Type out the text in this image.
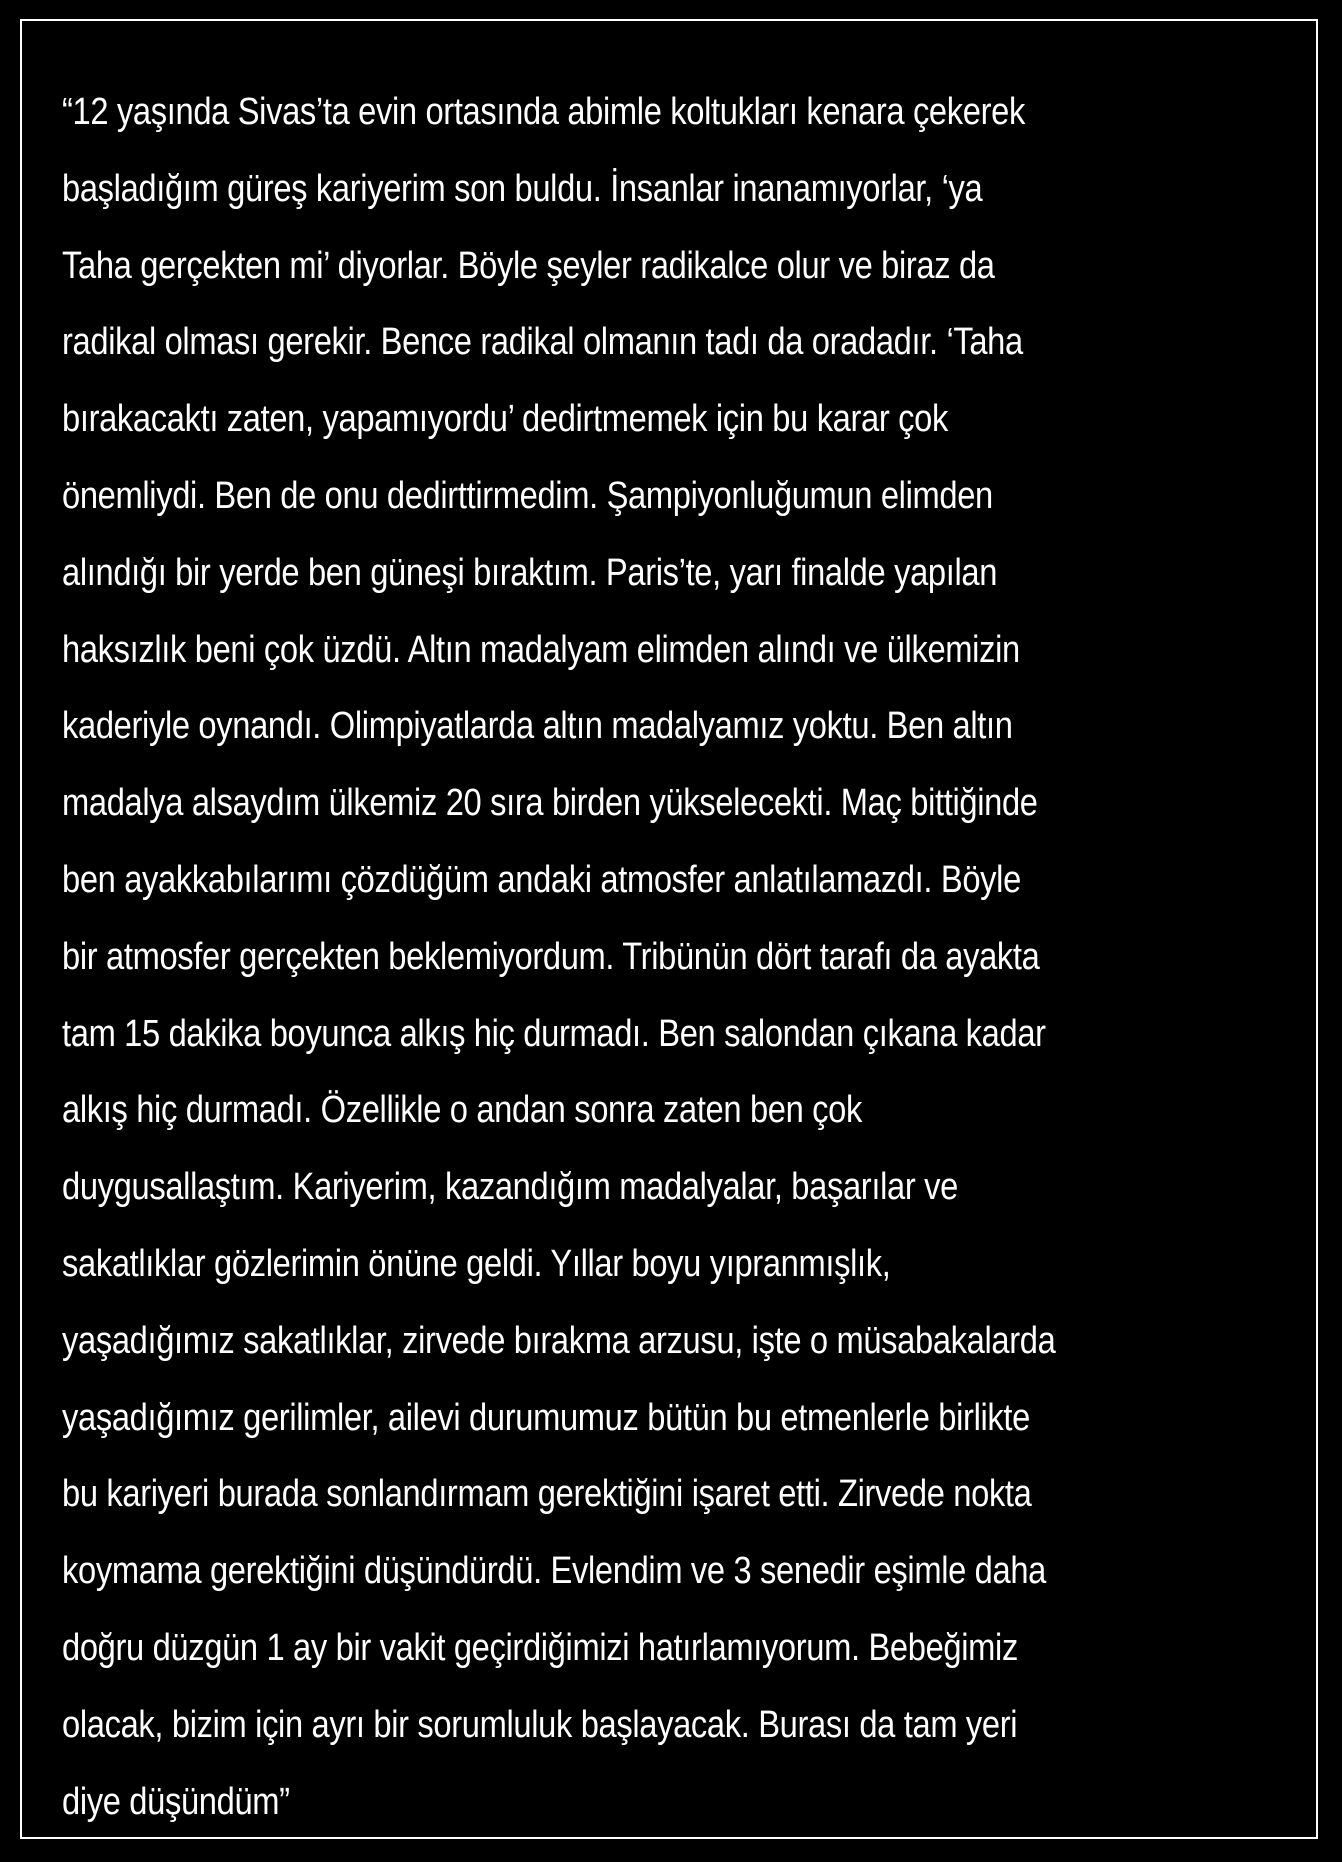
“12 yaşında Sivas’ta evin ortasında abimle koltukları kenara çekerek
başladığım güreş kariyerim son buldu. İnsanlar inanamıyorlar, ‘ya
Taha gerçekten mi’ diyorlar. Böyle şeyler radikalce olur ve biraz da
radikal olması gerekir. Bence radikal olmanın tadı da oradadır. ‘Taha
bırakacaktı zaten, yapamıyordu’ dedirtmemek için bu karar çok
önemliydi. Ben de onu dedirttirmedim. Şampiyonluğumun elimden
alındığı bir yerde ben güneşi bıraktım. Paris’te, yarı finalde yapılan
haksızlık beni çok üzdü. Altın madalyam elimden alındı ve ülkemizin
kaderiyle oynandı. Olimpiyatlarda altın madalyamız yoktu. Ben altın
madalya alsaydım ülkemiz 20 sıra birden yükselecekti. Maç bittiğinde
ben ayakkabılarımı çözdüğüm andaki atmosfer anlatılamazdı. Böyle
bir atmosfer gerçekten beklemiyordum. Tribünün dört tarafı da ayakta
tam 15 dakika boyunca alkış hiç durmadı. Ben salondan çıkana kadar
alkış hiç durmadı. Özellikle o andan sonra zaten ben çok
duygusallaştım. Kariyerim, kazandığım madalyalar, başarılar ve
sakatlıklar gözlerimin önüne geldi. Yıllar boyu yıpranmışlık,
yaşadığımız sakatlıklar, zirvede bırakma arzusu, işte o müsabakalarda
yaşadığımız gerilimler, ailevi durumumuz bütün bu etmenlerle birlikte
bu kariyeri burada sonlandırmam gerektiğini işaret etti. Zirvede nokta
koymama gerektiğini düşündürdü. Evlendim ve 3 senedir eşimle daha
doğru düzgün 1 ay bir vakit geçirdiğimizi hatırlamıyorum. Bebeğimiz
olacak, bizim için ayrı bir sorumluluk başlayacak. Burası da tam yeri
diye düşündüm”
